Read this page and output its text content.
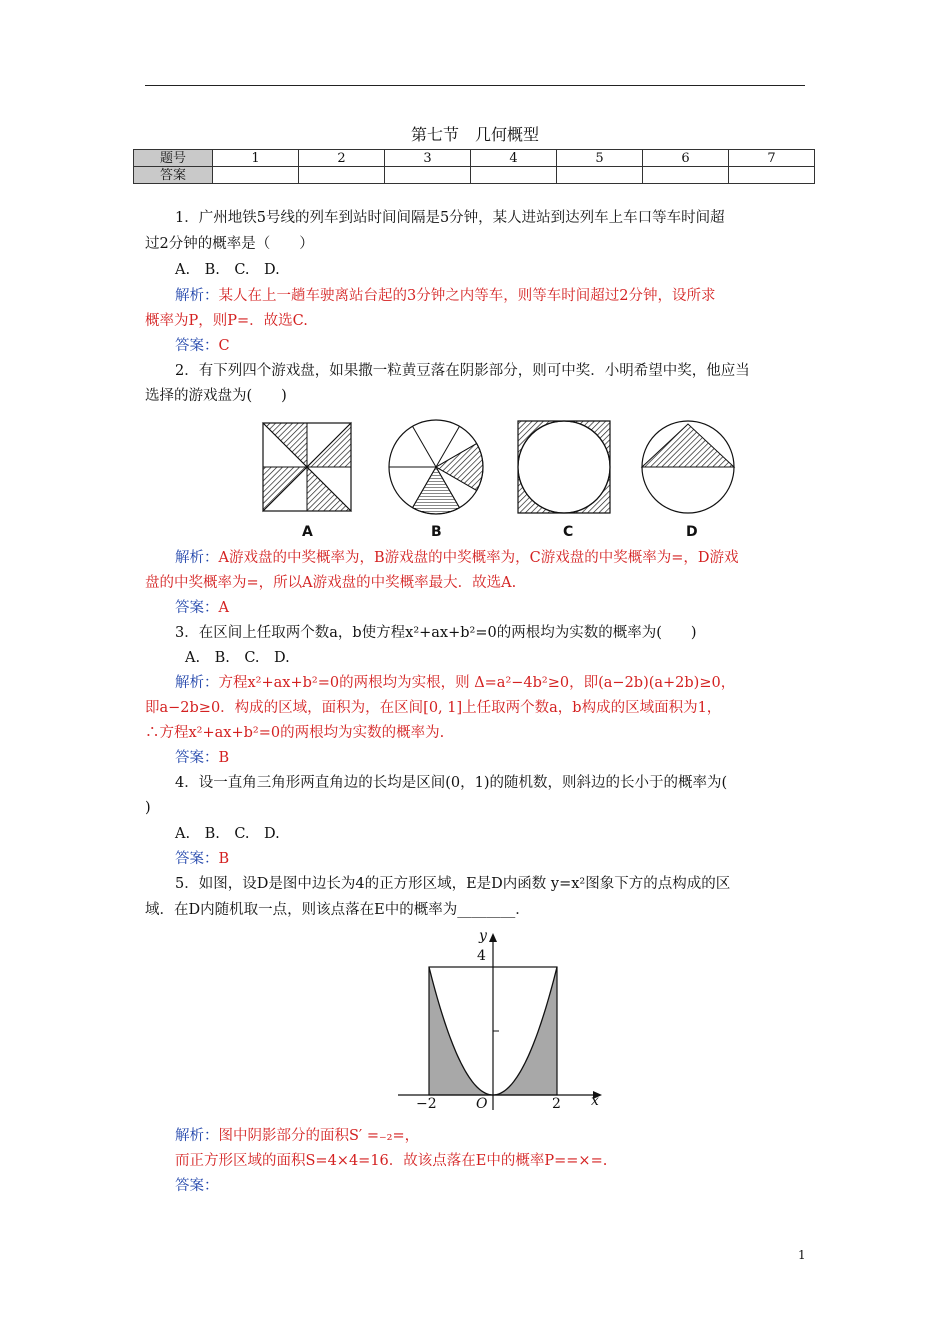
第七节　几何概型
题号	1	2	3	4	5	6	7
答案							
1．广州地铁5号线的列车到站时间间隔是5分钟，某人进站到达列车上车口等车时间超
过2分钟的概率是（　　）
A.　B.　C.　D.
解析：某人在上一趟车驶离站台起的3分钟之内等车，则等车时间超过2分钟，设所求
概率为P，则P=．故选C.
答案：C
2．有下列四个游戏盘，如果撒一粒黄豆落在阴影部分，则可中奖．小明希望中奖，他应当
选择的游戏盘为(　　)
A	B	C	D
解析：A游戏盘的中奖概率为，B游戏盘的中奖概率为，C游戏盘的中奖概率为=，D游戏
盘的中奖概率为=，所以A游戏盘的中奖概率最大．故选A.
答案：A
3．在区间上任取两个数a，b使方程x²+ax+b²=0的两根均为实数的概率为(　　)
A.　B.　C.　D.
解析：方程x²+ax+b²=0的两根均为实根，则 Δ=a²−4b²≥0，即(a−2b)(a+2b)≥0，
即a−2b≥0．构成的区域，面积为，在区间[0, 1]上任取两个数a，b构成的区域面积为1，
∴方程x²+ax+b²=0的两根均为实数的概率为.
答案：B
4．设一直角三角形两直角边的长均是区间(0，1)的随机数，则斜边的长小于的概率为(
)
A.　B.　C.　D.
答案：B
5．如图，设D是图中边长为4的正方形区域，E是D内函数 y=x²图象下方的点构成的区
域．在D内随机取一点，则该点落在E中的概率为________．
y
4
−2	O	2 x
解析：图中阴影部分的面积S′ =₋₂=，
而正方形区域的面积S=4×4=16．故该点落在E中的概率P==×=.
答案：
1
